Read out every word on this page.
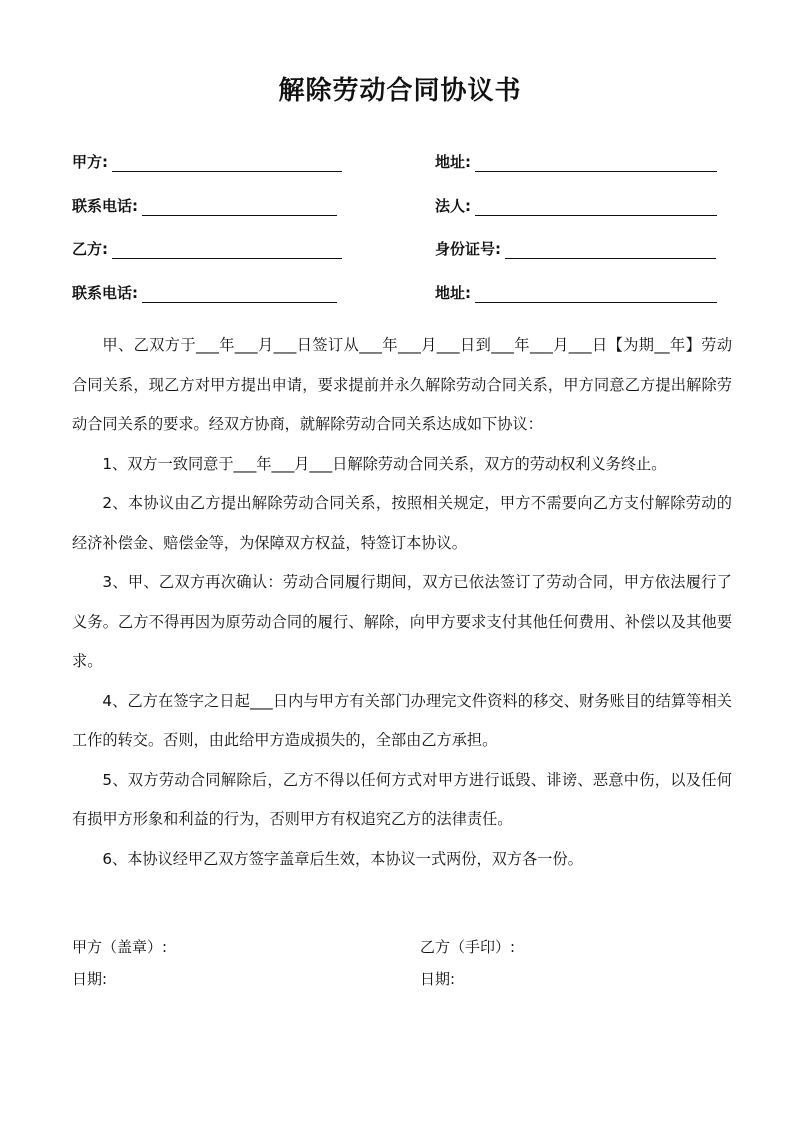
解除劳动合同协议书
甲方:	地址:
联系电话:	法人:
乙方:	身份证号:
联系电话:	地址:

甲、乙双方于___年___月___日签订从___年___月___日到___年___月___日【为期__年】劳动合同关系，现乙方对甲方提出申请，要求提前并永久解除劳动合同关系，甲方同意乙方提出解除劳动合同关系的要求。经双方协商，就解除劳动合同关系达成如下协议：

1、双方一致同意于___年___月___日解除劳动合同关系，双方的劳动权利义务终止。

2、本协议由乙方提出解除劳动合同关系，按照相关规定，甲方不需要向乙方支付解除劳动的经济补偿金、赔偿金等，为保障双方权益，特签订本协议。

3、甲、乙双方再次确认：劳动合同履行期间，双方已依法签订了劳动合同，甲方依法履行了义务。乙方不得再因为原劳动合同的履行、解除，向甲方要求支付其他任何费用、补偿以及其他要求。

4、乙方在签字之日起___日内与甲方有关部门办理完文件资料的移交、财务账目的结算等相关工作的转交。否则，由此给甲方造成损失的，全部由乙方承担。

5、双方劳动合同解除后，乙方不得以任何方式对甲方进行诋毁、诽谤、恶意中伤，以及任何有损甲方形象和利益的行为，否则甲方有权追究乙方的法律责任。

6、本协议经甲乙双方签字盖章后生效，本协议一式两份，双方各一份。

甲方（盖章）:	乙方（手印）:
日期:	日期:
